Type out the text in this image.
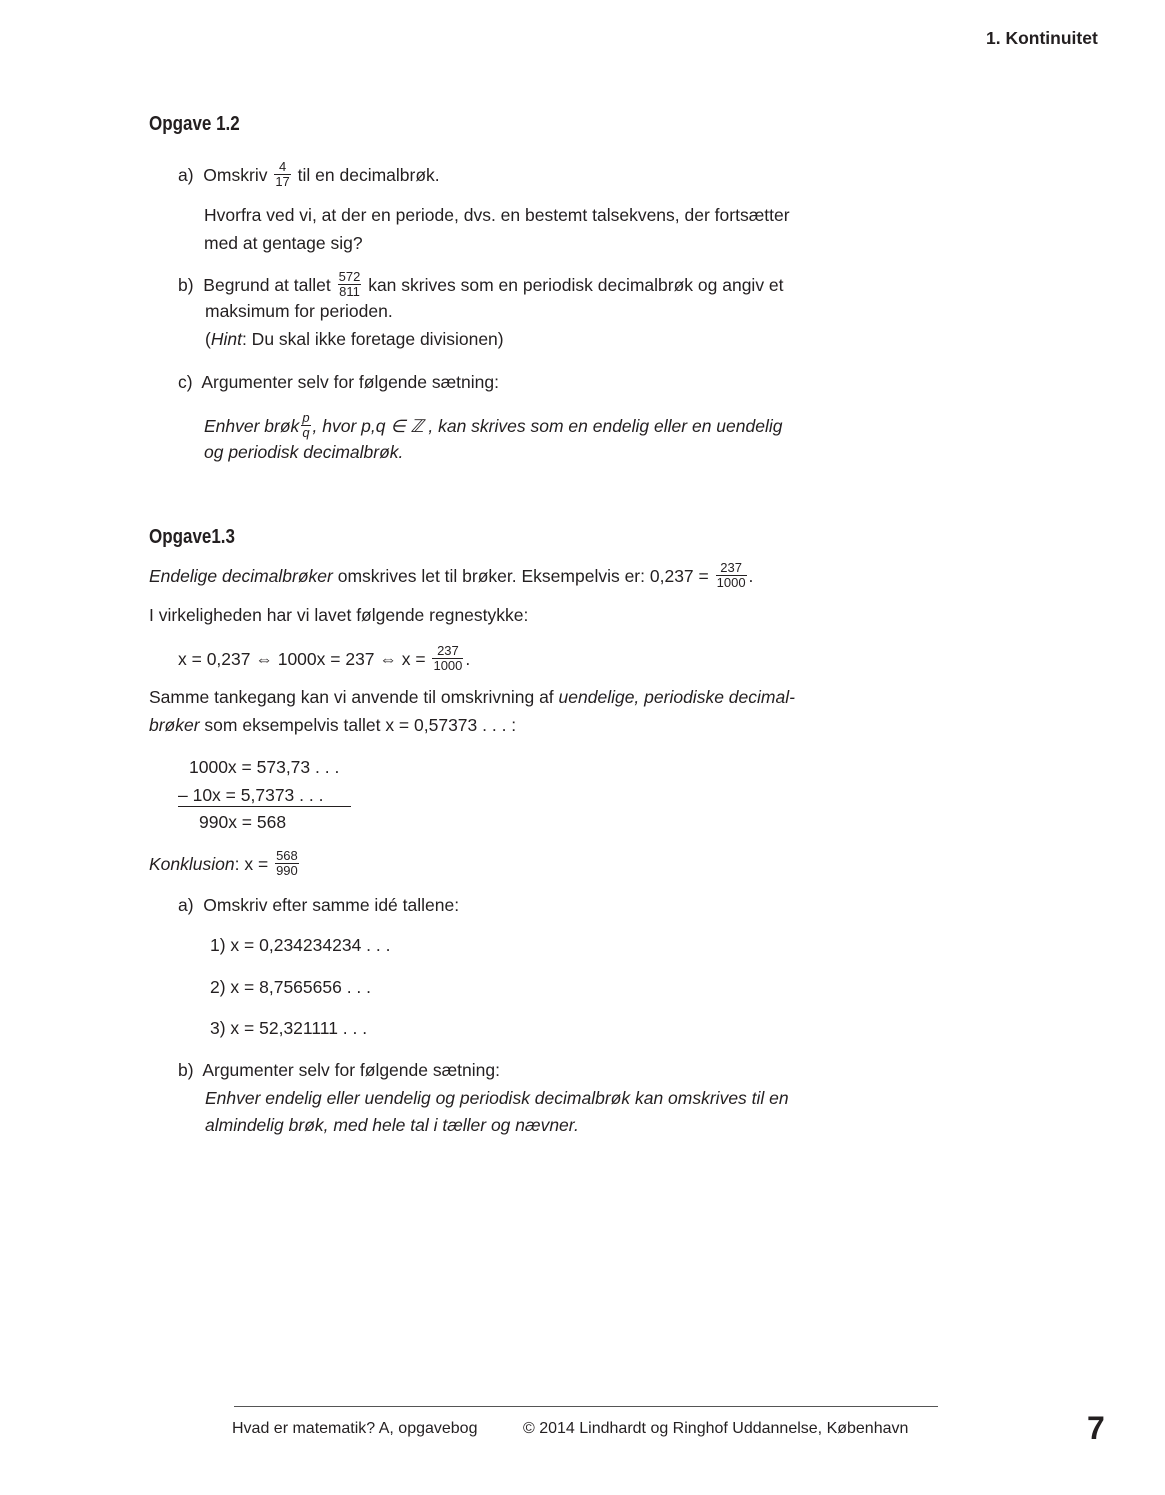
1. Kontinuitet
Opgave 1.2
a) Omskriv $\frac{4}{17}$ til en decimalbrøk.
Hvorfra ved vi, at der en periode, dvs. en bestemt talsekvens, der fortsætter
med at gentage sig?
b) Begrund at tallet $\frac{572}{811}$ kan skrives som en periodisk decimalbrøk og angiv et
maksimum for perioden.
(Hint: Du skal ikke foretage divisionen)
c) Argumenter selv for følgende sætning:
Enhver brøk $\frac{p}{q}$ , hvor p,q ∈ ℤ , kan skrives som en endelig eller en uendelig
og periodisk decimalbrøk.
Opgave1.3
Endelige decimalbrøker omskrives let til brøker. Eksempelvis er: $0,237 = \frac{237}{1000}$ .
I virkeligheden har vi lavet følgende regnestykke:
x = 0,237 ⇔ 1000x = 237 ⇔ $x = \frac{237}{1000}$ .
Samme tankegang kan vi anvende til omskrivning af uendelige, periodiske decimal-
brøker som eksempelvis tallet x = 0,57373 . . . :
1000x = 573,73 . . .
– 10x = 5,7373 . . .
990x = 568
Konklusion: $x = \frac{568}{990}$
a) Omskriv efter samme idé tallene:
1) x = 0,234234234 . . .
2) x = 8,7565656 . . .
3) x = 52,321111 . . .
b) Argumenter selv for følgende sætning:
Enhver endelig eller uendelig og periodisk decimalbrøk kan omskrives til en
almindelig brøk, med hele tal i tæller og nævner.
Hvad er matematik? A, opgavebog	© 2014 Lindhardt og Ringhof Uddannelse, København	7
